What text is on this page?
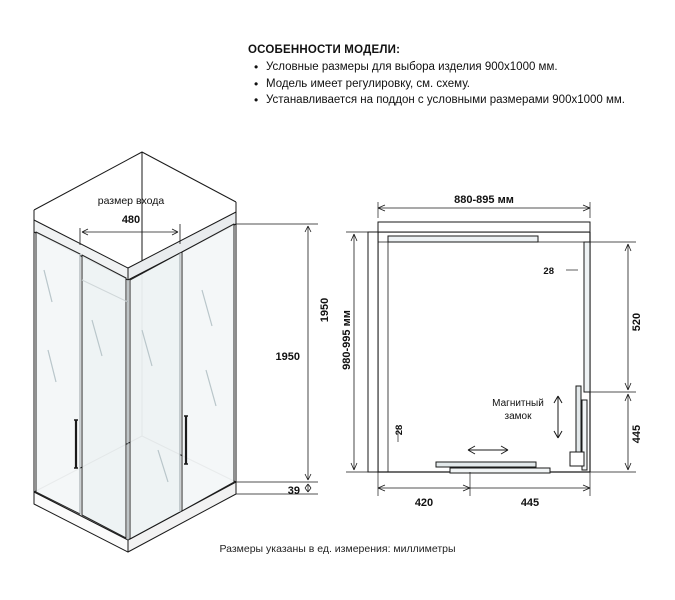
ОСОБЕННОСТИ МОДЕЛИ:
• Условные размеры для выбора изделия 900х1000 мм.
• Модель имеет регулировку, см. схему.
• Устанавливается на поддон с условными размерами 900х1000 мм.
размер входа
480
1950
39
880-895 мм
980-995 мм
1950	520
445
28
28
420	445
Магнитный
замок
Размеры указаны в ед. измерения: миллиметры
